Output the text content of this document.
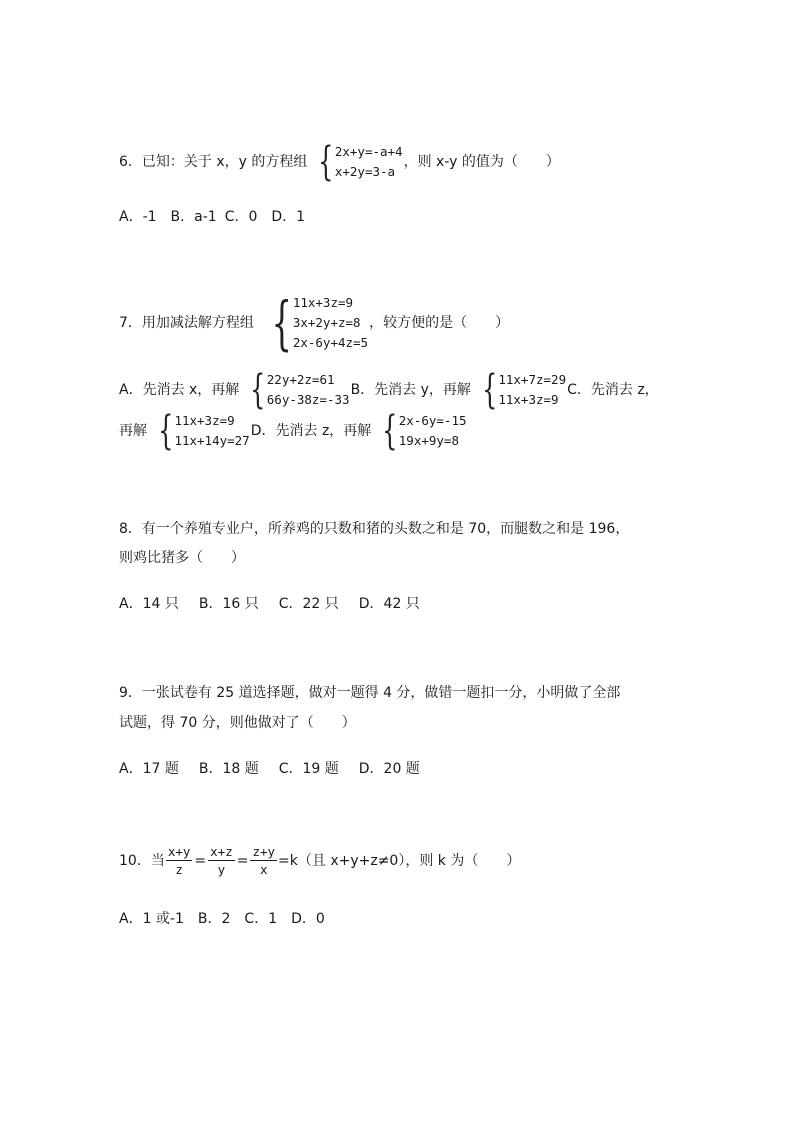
6．已知：关于 x，y 的方程组 { 2x+y=-a+4
x+2y=3-a
，则 x-y 的值为（　　）
A．-1 B．a-1 C．0 D．1
7．用加减法解方程组 { 11x+3z=9
3x+2y+z=8
2x-6y+4z=5
，较方便的是（　　）
A．先消去 x，再解 { 22y+2z=61
66y-38z=-33
B．先消去 y，再解 { 11x+7z=29
11x+3z=9
C．先消去 z，
再解 { 11x+3z=9
11x+14y=27
D．先消去 z，再解 { 2x-6y=-15
19x+9y=8
8．有一个养殖专业户，所养鸡的只数和猪的头数之和是 70，而腿数之和是 196，
则鸡比猪多（　　）
A．14 只 B．16 只 C．22 只 D．42 只
9．一张试卷有 25 道选择题，做对一题得 4 分，做错一题扣一分，小明做了全部
试题，得 70 分，则他做对了（　　）
A．17 题 B．18 题 C．19 题 D．20 题
10．当 $\frac{x+y}{z} = \frac{x+z}{y} = \frac{z+y}{x} =k$（且 x+y+z≠0），则 k 为（　　）
A．1 或-1 B．2 C．1 D．0
